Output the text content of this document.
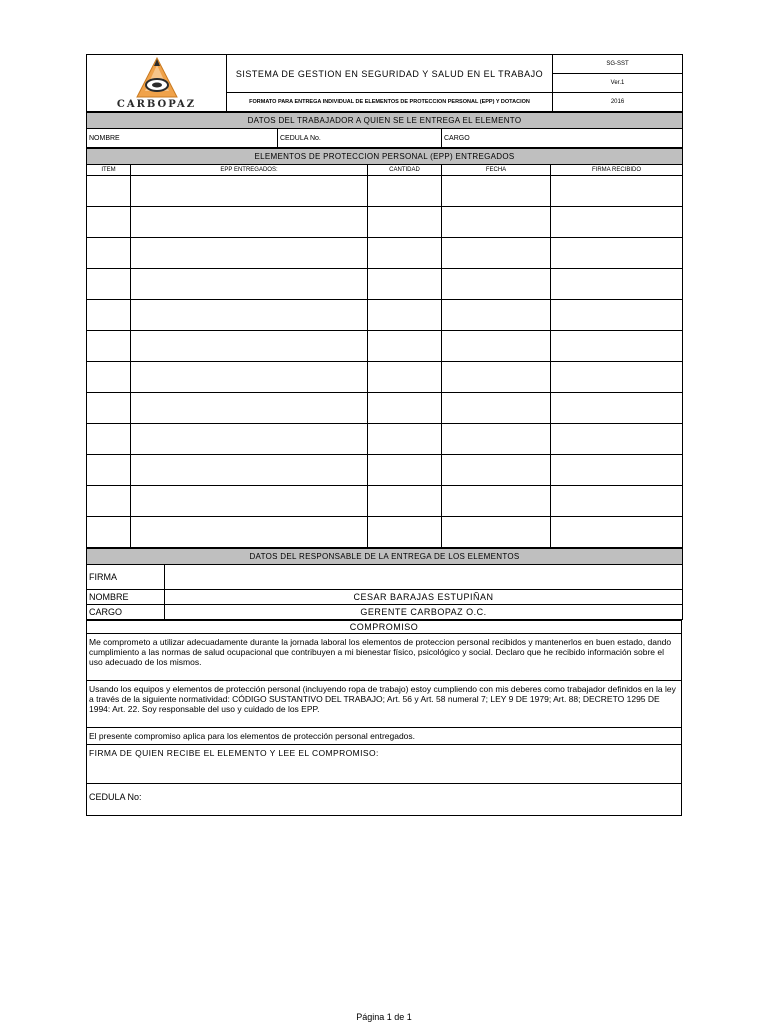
CARBOPAZ	SISTEMA DE GESTION EN SEGURIDAD Y SALUD EN EL TRABAJO	SG-SST
		Ver.1
	FORMATO PARA ENTREGA INDIVIDUAL DE ELEMENTOS DE PROTECCION PERSONAL (EPP) Y DOTACION	2016
DATOS DEL TRABAJADOR A QUIEN SE LE ENTREGA EL ELEMENTO
NOMBRE	CEDULA No.	CARGO
ELEMENTOS DE PROTECCION PERSONAL (EPP) ENTREGADOS				
ITEM	EPP ENTREGADOS:	CANTIDAD	FECHA	FIRMA RECIBIDO

DATOS DEL RESPONSABLE DE LA ENTREGA DE LOS ELEMENTOS	
FIRMA	
NOMBRE	CESAR BARAJAS ESTUPIÑAN
CARGO	GERENTE CARBOPAZ O.C.
COMPROMISO
Me comprometo a utilizar adecuadamente durante la jornada laboral los elementos de proteccion personal recibidos y mantenerlos en buen estado, dando cumplimiento a las normas de salud ocupacional que contribuyen a mi bienestar físico, psicológico y social. Declaro que he recibido información sobre el uso adecuado de los mismos.
Usando los equipos y elementos de protección personal (incluyendo ropa de trabajo) estoy cumpliendo con mis deberes como trabajador definidos en la ley a través de la siguiente normatividad: CÓDIGO SUSTANTIVO DEL TRABAJO; Art. 56 y Art. 58 numeral 7; LEY 9 DE 1979; Art. 88; DECRETO 1295 DE 1994: Art. 22. Soy responsable del uso y cuidado de los EPP.
El presente compromiso aplica para los elementos de protección personal entregados.
FIRMA DE QUIEN RECIBE EL ELEMENTO Y LEE EL COMPROMISO:
CEDULA No:
Página 1 de 1
